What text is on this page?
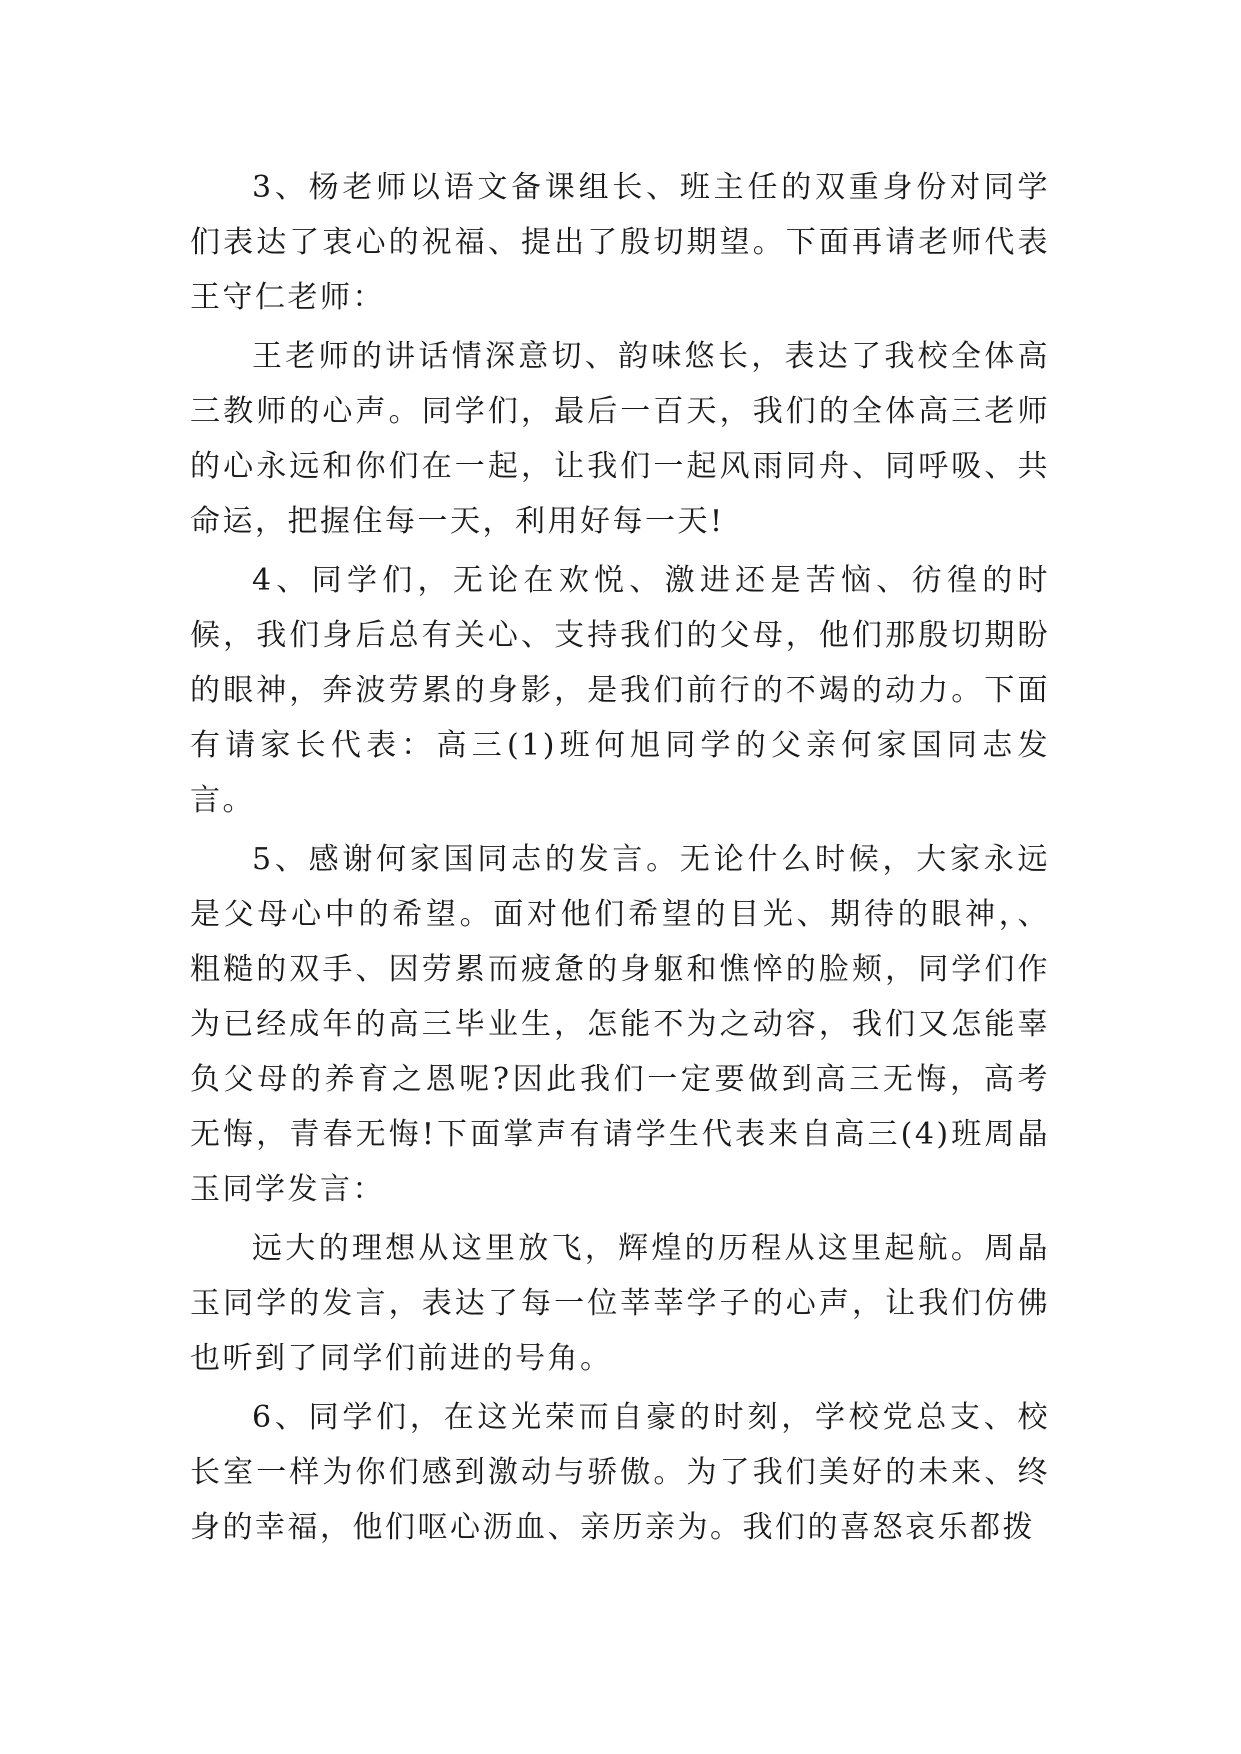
3、杨老师以语文备课组长、班主任的双重身份对同学们表达了衷心的祝福、提出了殷切期望。下面再请老师代表王守仁老师：

王老师的讲话情深意切、韵味悠长，表达了我校全体高三教师的心声。同学们，最后一百天，我们的全体高三老师的心永远和你们在一起，让我们一起风雨同舟、同呼吸、共命运，把握住每一天，利用好每一天!

4、同学们，无论在欢悦、激进还是苦恼、彷徨的时候，我们身后总有关心、支持我们的父母，他们那殷切期盼的眼神，奔波劳累的身影，是我们前行的不竭的动力。下面有请家长代表：高三(1)班何旭同学的父亲何家国同志发言。

5、感谢何家国同志的发言。无论什么时候，大家永远是父母心中的希望。面对他们希望的目光、期待的眼神，、粗糙的双手、因劳累而疲惫的身躯和憔悴的脸颊，同学们作为已经成年的高三毕业生，怎能不为之动容，我们又怎能辜负父母的养育之恩呢?因此我们一定要做到高三无悔，高考无悔，青春无悔!下面掌声有请学生代表来自高三(4)班周晶玉同学发言：

远大的理想从这里放飞，辉煌的历程从这里起航。周晶玉同学的发言，表达了每一位莘莘学子的心声，让我们仿佛也听到了同学们前进的号角。

6、同学们，在这光荣而自豪的时刻，学校党总支、校长室一样为你们感到激动与骄傲。为了我们美好的未来、终身的幸福，他们呕心沥血、亲历亲为。我们的喜怒哀乐都拨
